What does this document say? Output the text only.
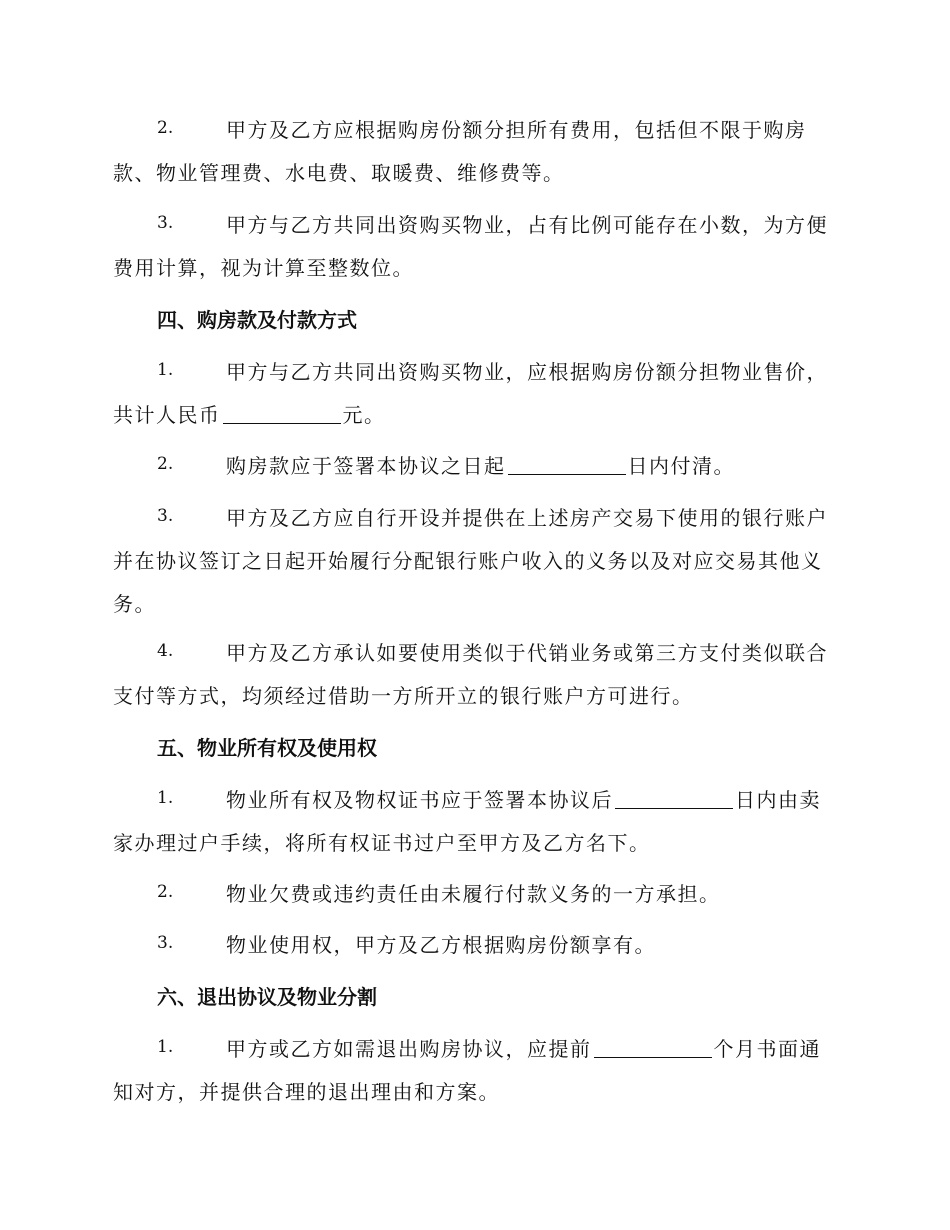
2.	甲方及乙方应根据购房份额分担所有费用，包括但不限于购房
款、物业管理费、水电费、取暖费、维修费等。
3.	甲方与乙方共同出资购买物业，占有比例可能存在小数，为方便
费用计算，视为计算至整数位。
四、购房款及付款方式
1.	甲方与乙方共同出资购买物业，应根据购房份额分担物业售价，
共计人民币	元。
2.	购房款应于签署本协议之日起	日内付清。
3.	甲方及乙方应自行开设并提供在上述房产交易下使用的银行账户
并在协议签订之日起开始履行分配银行账户收入的义务以及对应交易其他义
务。
4.	甲方及乙方承认如要使用类似于代销业务或第三方支付类似联合
支付等方式，均须经过借助一方所开立的银行账户方可进行。
五、物业所有权及使用权
1.	物业所有权及物权证书应于签署本协议后	日内由卖
家办理过户手续，将所有权证书过户至甲方及乙方名下。
2.	物业欠费或违约责任由未履行付款义务的一方承担。
3.	物业使用权，甲方及乙方根据购房份额享有。
六、退出协议及物业分割
1.	甲方或乙方如需退出购房协议，应提前	个月书面通
知对方，并提供合理的退出理由和方案。
